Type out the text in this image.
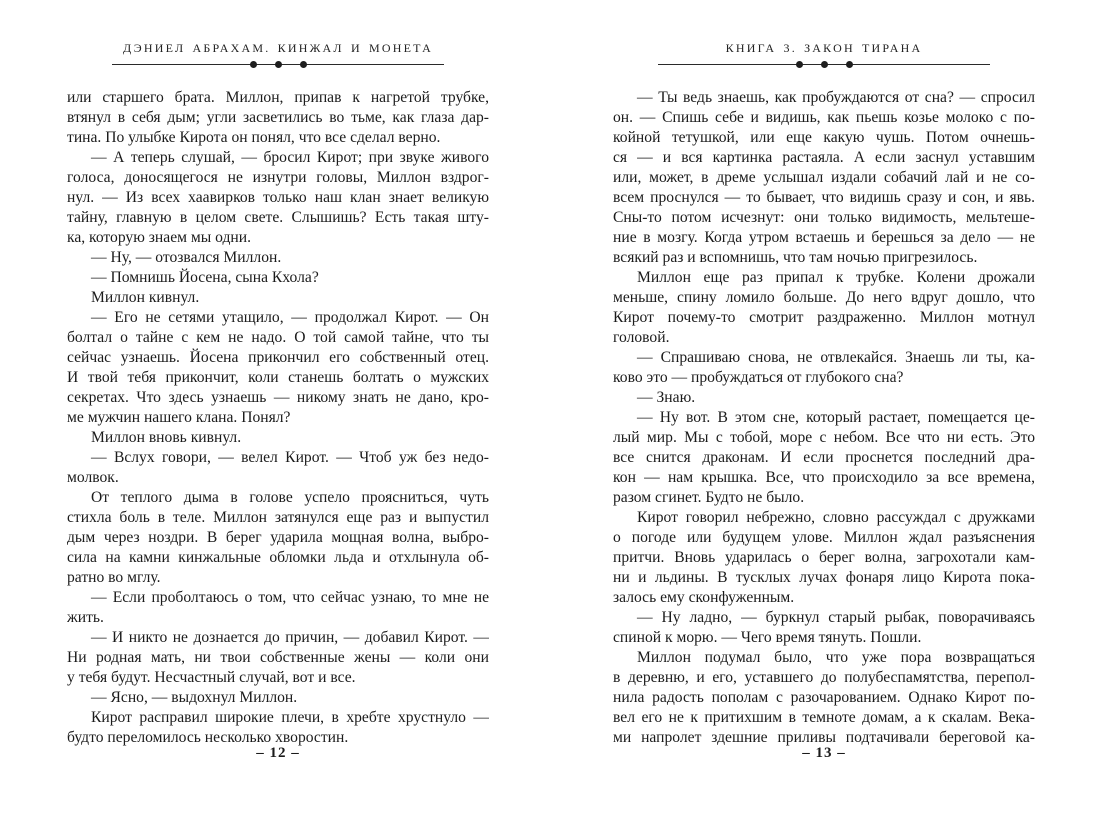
ДЭНИЕЛ АБРАХАМ. КИНЖАЛ И МОНЕТА
или старшего брата. Миллон, припав к нагретой трубке,
втянул в себя дым; угли засветились во тьме, как глаза дар-
тина. По улыбке Кирота он понял, что все сделал верно.
— А теперь слушай, — бросил Кирот; при звуке живого
голоса, доносящегося не изнутри головы, Миллон вздрог-
нул. — Из всех хаавирков только наш клан знает великую
тайну, главную в целом свете. Слышишь? Есть такая шту-
ка, которую знаем мы одни.
— Ну, — отозвался Миллон.
— Помнишь Йосена, сына Кхола?
Миллон кивнул.
— Его не сетями утащило, — продолжал Кирот. — Он
болтал о тайне с кем не надо. О той самой тайне, что ты
сейчас узнаешь. Йосена прикончил его собственный отец.
И твой тебя прикончит, коли станешь болтать о мужских
секретах. Что здесь узнаешь — никому знать не дано, кро-
ме мужчин нашего клана. Понял?
Миллон вновь кивнул.
— Вслух говори, — велел Кирот. — Чтоб уж без недо-
молвок.
От теплого дыма в голове успело проясниться, чуть
стихла боль в теле. Миллон затянулся еще раз и выпустил
дым через ноздри. В берег ударила мощная волна, выбро-
сила на камни кинжальные обломки льда и отхлынула об-
ратно во мглу.
— Если проболтаюсь о том, что сейчас узнаю, то мне не
жить.
— И никто не дознается до причин, — добавил Кирот. —
Ни родная мать, ни твои собственные жены — коли они
у тебя будут. Несчастный случай, вот и все.
— Ясно, — выдохнул Миллон.
Кирот расправил широкие плечи, в хребте хрустнуло —
будто переломилось несколько хворостин.
– 12 –
КНИГА 3. ЗАКОН ТИРАНА
— Ты ведь знаешь, как пробуждаются от сна? — спросил
он. — Спишь себе и видишь, как пьешь козье молоко с по-
койной тетушкой, или еще какую чушь. Потом очнешь-
ся — и вся картинка растаяла. А если заснул уставшим
или, может, в дреме услышал издали собачий лай и не со-
всем проснулся — то бывает, что видишь сразу и сон, и явь.
Сны-то потом исчезнут: они только видимость, мельтеше-
ние в мозгу. Когда утром встаешь и берешься за дело — не
всякий раз и вспомнишь, что там ночью пригрезилось.
Миллон еще раз припал к трубке. Колени дрожали
меньше, спину ломило больше. До него вдруг дошло, что
Кирот почему-то смотрит раздраженно. Миллон мотнул
головой.
— Спрашиваю снова, не отвлекайся. Знаешь ли ты, ка-
ково это — пробуждаться от глубокого сна?
— Знаю.
— Ну вот. В этом сне, который растает, помещается це-
лый мир. Мы с тобой, море с небом. Все что ни есть. Это
все снится драконам. И если проснется последний дра-
кон — нам крышка. Все, что происходило за все времена,
разом сгинет. Будто не было.
Кирот говорил небрежно, словно рассуждал с дружками
о погоде или будущем улове. Миллон ждал разъяснения
притчи. Вновь ударилась о берег волна, загрохотали кам-
ни и льдины. В тусклых лучах фонаря лицо Кирота пока-
залось ему сконфуженным.
— Ну ладно, — буркнул старый рыбак, поворачиваясь
спиной к морю. — Чего время тянуть. Пошли.
Миллон подумал было, что уже пора возвращаться
в деревню, и его, уставшего до полубеспамятства, перепол-
нила радость пополам с разочарованием. Однако Кирот по-
вел его не к притихшим в темноте домам, а к скалам. Века-
ми напролет здешние приливы подтачивали береговой ка-
– 13 –
